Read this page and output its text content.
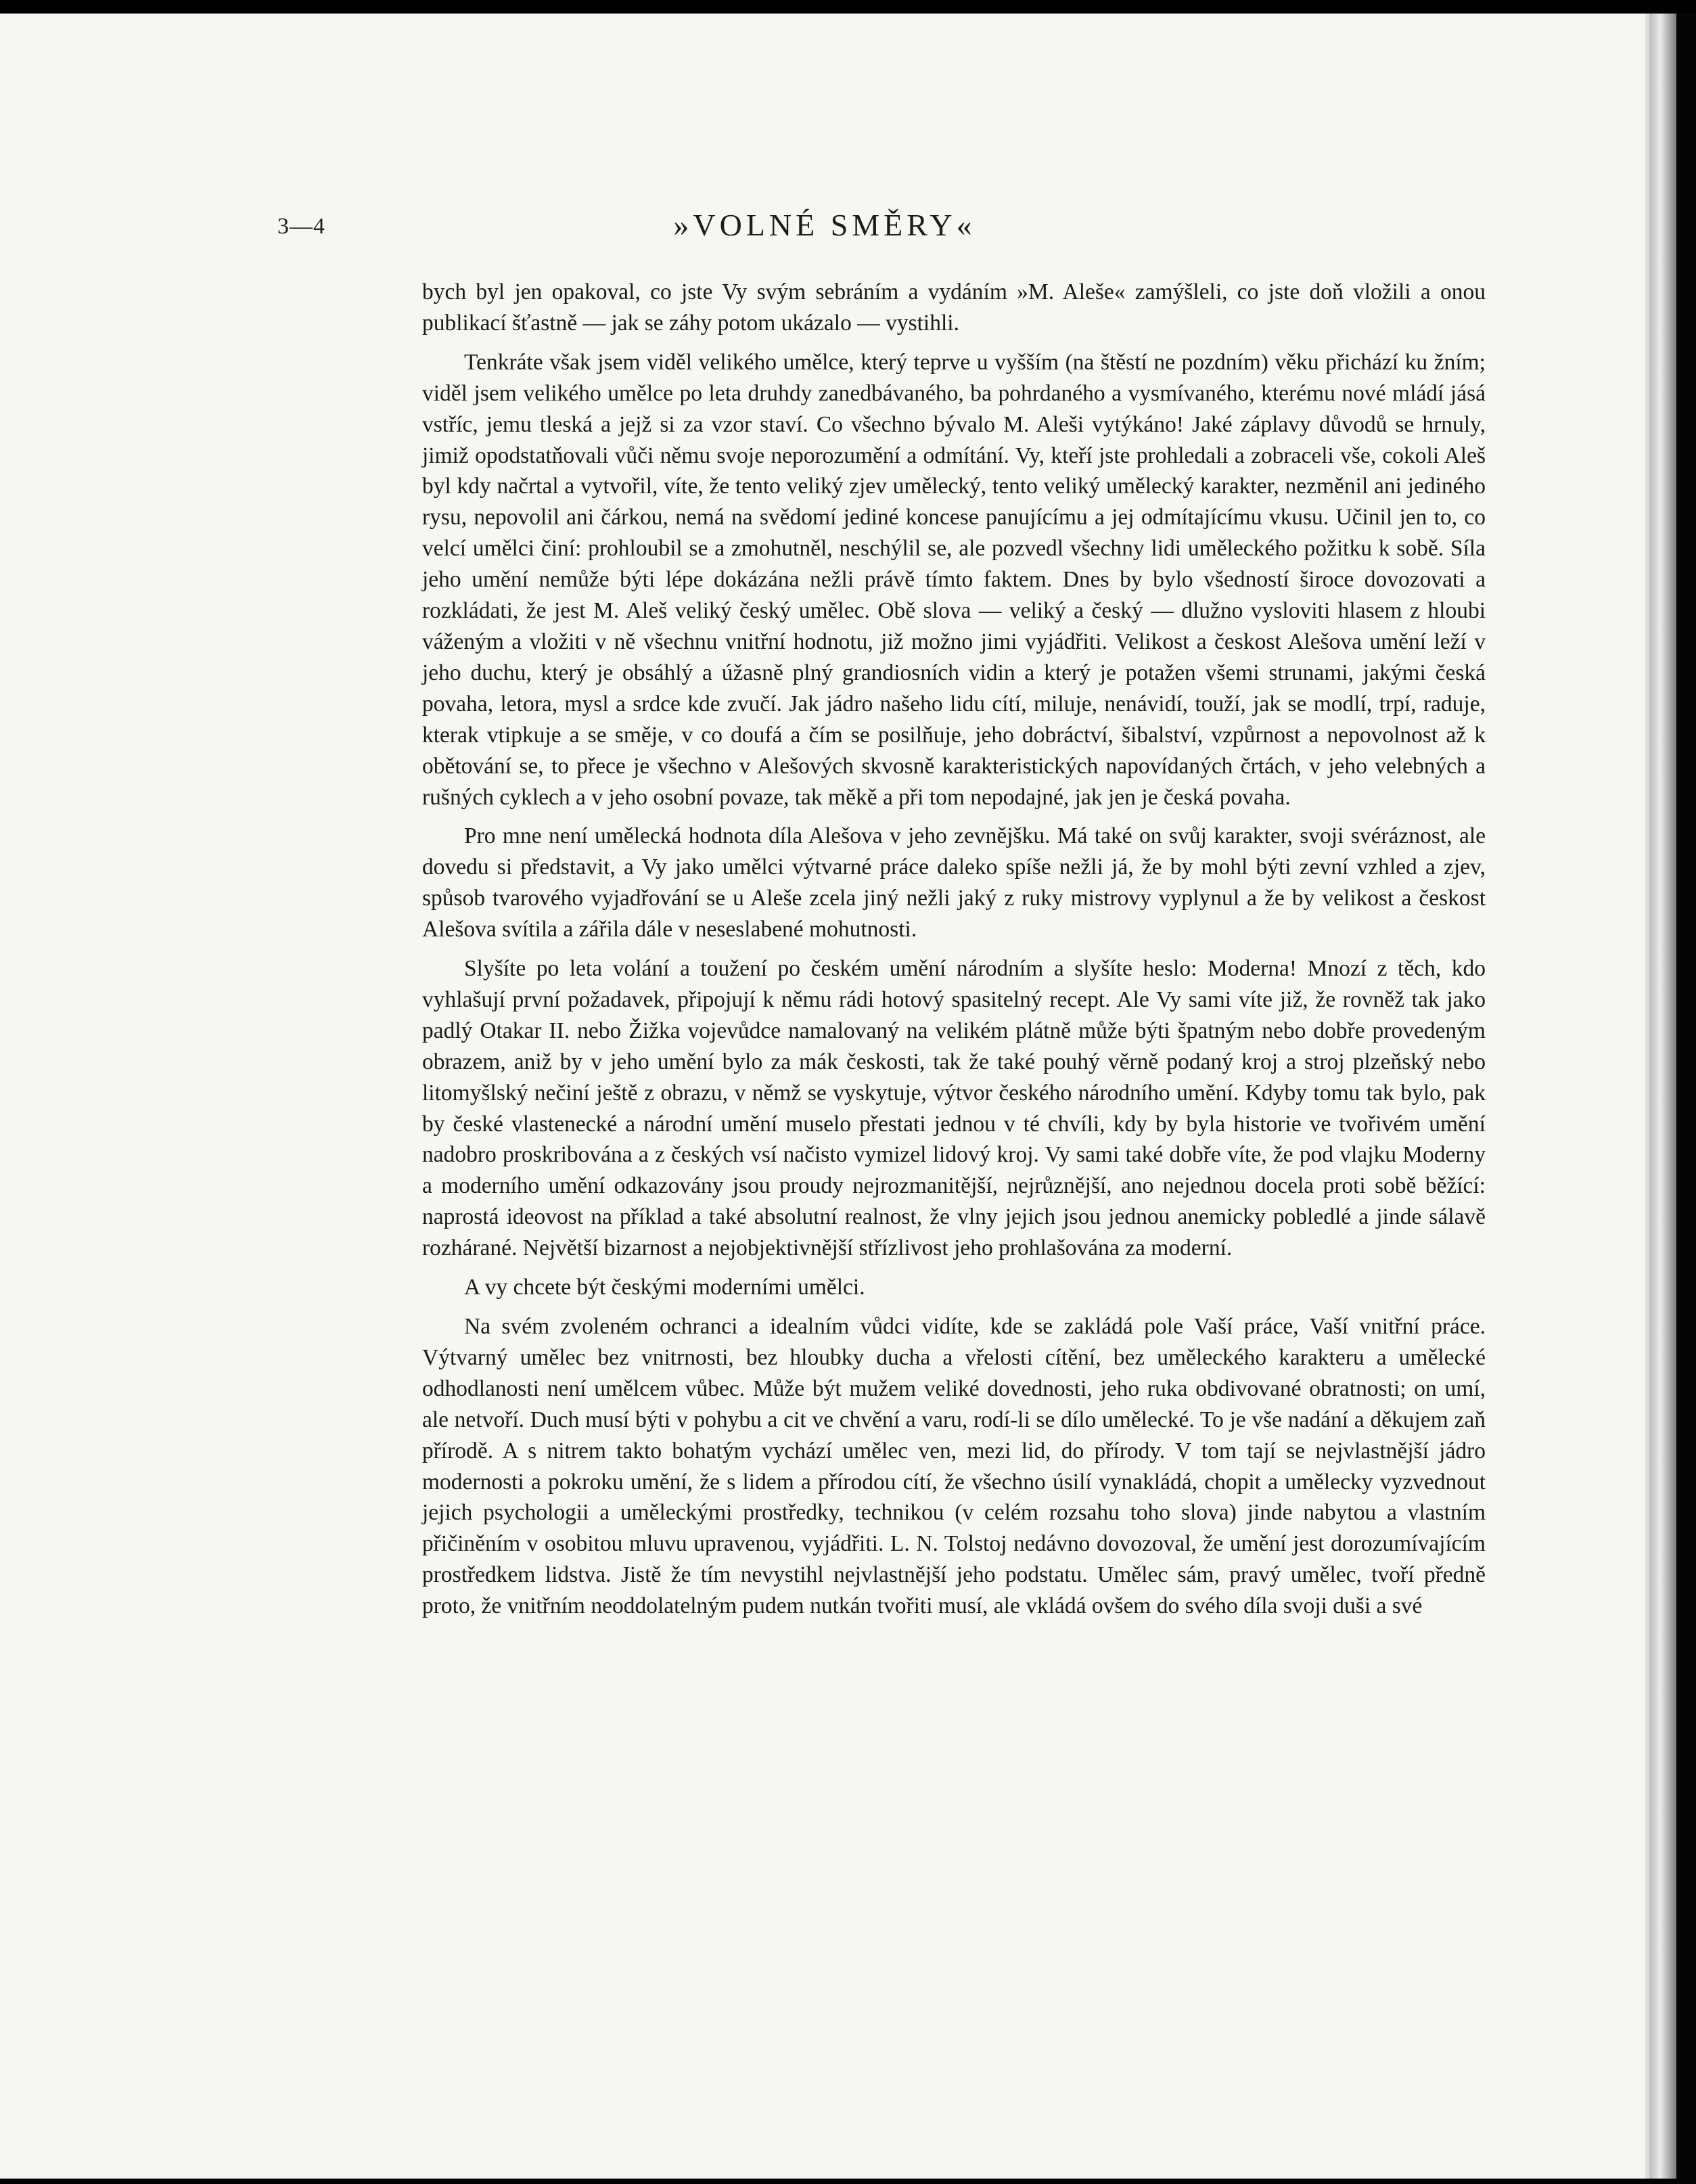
3—4	»VOLNÉ SMĚRY«

bych byl jen opakoval, co jste Vy svým sebráním a vydáním »M. Aleše« zamýšleli, co jste doň vložili a onou publikací šťastně — jak se záhy potom ukázalo — vystihli.

Tenkráte však jsem viděl velikého umělce, který teprve u vyšším (na štěstí ne pozdním) věku přichází ku žním; viděl jsem velikého umělce po leta druhdy zanedbávaného, ba pohrdaného a vysmívaného, kterému nové mládí jásá vstříc, jemu tleská a jejž si za vzor staví. Co všechno bývalo M. Aleši vytýkáno! Jaké záplavy důvodů se hrnuly, jimiž opodstatňovali vůči němu svoje neporozumění a odmítání. Vy, kteří jste prohledali a zobraceli vše, cokoli Aleš byl kdy načrtal a vytvořil, víte, že tento veliký zjev umělecký, tento veliký umělecký karakter, nezměnil ani jediného rysu, nepovolil ani čárkou, nemá na svědomí jediné koncese panujícímu a jej odmítajícímu vkusu. Učinil jen to, co velcí umělci činí: prohloubil se a zmohutněl, neschýlil se, ale pozvedl všechny lidi uměleckého požitku k sobě. Síla jeho umění nemůže býti lépe dokázána nežli právě tímto faktem. Dnes by bylo všedností široce dovozovati a rozkládati, že jest M. Aleš veliký český umělec. Obě slova — veliký a český — dlužno vysloviti hlasem z hloubi váženým a vložiti v ně všechnu vnitřní hodnotu, již možno jimi vyjádřiti. Velikost a českost Alešova umění leží v jeho duchu, který je obsáhlý a úžasně plný grandiosních vidin a který je potažen všemi strunami, jakými česká povaha, letora, mysl a srdce kde zvučí. Jak jádro našeho lidu cítí, miluje, nenávidí, touží, jak se modlí, trpí, raduje, kterak vtipkuje a se směje, v co doufá a čím se posilňuje, jeho dobráctví, šibalství, vzpůrnost a nepovolnost až k obětování se, to přece je všechno v Alešových skvosně karakteristických napovídaných črtách, v jeho velebných a rušných cyklech a v jeho osobní povaze, tak měkě a při tom nepodajné, jak jen je česká povaha.

Pro mne není umělecká hodnota díla Alešova v jeho zevnějšku. Má také on svůj karakter, svoji svéráznost, ale dovedu si představit, a Vy jako umělci výtvarné práce daleko spíše nežli já, že by mohl býti zevní vzhled a zjev, spůsob tvarového vyjadřování se u Aleše zcela jiný nežli jaký z ruky mistrovy vyplynul a že by velikost a českost Alešova svítila a zářila dále v neseslabené mohutnosti.

Slyšíte po leta volání a toužení po českém umění národním a slyšíte heslo: Moderna! Mnozí z těch, kdo vyhlašují první požadavek, připojují k němu rádi hotový spasitelný recept. Ale Vy sami víte již, že rovněž tak jako padlý Otakar II. nebo Žižka vojevůdce namalovaný na velikém plátně může býti špatným nebo dobře provedeným obrazem, aniž by v jeho umění bylo za mák českosti, tak že také pouhý věrně podaný kroj a stroj plzeňský nebo litomyšlský nečiní ještě z obrazu, v němž se vyskytuje, výtvor českého národního umění. Kdyby tomu tak bylo, pak by české vlastenecké a národní umění muselo přestati jednou v té chvíli, kdy by byla historie ve tvořivém umění nadobro proskribována a z českých vsí načisto vymizel lidový kroj. Vy sami také dobře víte, že pod vlajku Moderny a moderního umění odkazovány jsou proudy nejrozmanitější, nejrůznější, ano nejednou docela proti sobě běžící: naprostá ideovost na příklad a také absolutní realnost, že vlny jejich jsou jednou anemicky pobledlé a jinde sálavě rozhárané. Největší bizarnost a nejobjektivnější střízlivost jeho prohlašována za moderní.

A vy chcete být českými moderními umělci.

Na svém zvoleném ochranci a idealním vůdci vidíte, kde se zakládá pole Vaší práce, Vaší vnitřní práce. Výtvarný umělec bez vnitrnosti, bez hloubky ducha a vřelosti cítění, bez uměleckého karakteru a umělecké odhodlanosti není umělcem vůbec. Může být mužem veliké dovednosti, jeho ruka obdivované obratnosti; on umí, ale netvoří. Duch musí býti v pohybu a cit ve chvění a varu, rodí-li se dílo umělecké. To je vše nadání a děkujem zaň přírodě. A s nitrem takto bohatým vychází umělec ven, mezi lid, do přírody. V tom tají se nejvlastnější jádro modernosti a pokroku umění, že s lidem a přírodou cítí, že všechno úsilí vynakládá, chopit a umělecky vyzvednout jejich psychologii a uměleckými prostředky, technikou (v celém rozsahu toho slova) jinde nabytou a vlastním přičiněním v osobitou mluvu upravenou, vyjádřiti. L. N. Tolstoj nedávno dovozoval, že umění jest dorozumívajícím prostředkem lidstva. Jistě že tím nevystihl nejvlastnější jeho podstatu. Umělec sám, pravý umělec, tvoří předně proto, že vnitřním neoddolatelným pudem nutkán tvořiti musí, ale vkládá ovšem do svého díla svoji duši a své
